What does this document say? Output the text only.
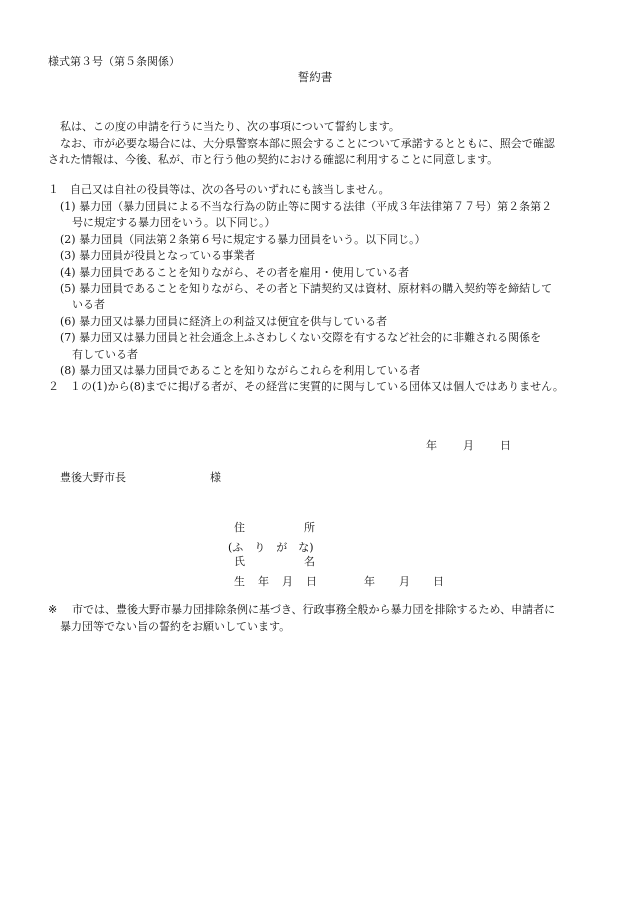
様式第３号（第５条関係）
誓約書
私は、この度の申請を行うに当たり、次の事項について誓約します。
なお、市が必要な場合には、大分県警察本部に照会することについて承諾するとともに、照会で確認
された情報は、今後、私が、市と行う他の契約における確認に利用することに同意します。
１　自己又は自社の役員等は、次の各号のいずれにも該当しません。
(1) 暴力団（暴力団員による不当な行為の防止等に関する法律（平成３年法律第７７号）第２条第２
号に規定する暴力団をいう。以下同じ。）
(2) 暴力団員（同法第２条第６号に規定する暴力団員をいう。以下同じ。）
(3) 暴力団員が役員となっている事業者
(4) 暴力団員であることを知りながら、その者を雇用・使用している者
(5) 暴力団員であることを知りながら、その者と下請契約又は資材、原材料の購入契約等を締結して
いる者
(6) 暴力団又は暴力団員に経済上の利益又は便宜を供与している者
(7) 暴力団又は暴力団員と社会通念上ふさわしくない交際を有するなど社会的に非難される関係を
有している者
(8) 暴力団又は暴力団員であることを知りながらこれらを利用している者
２　１の(1)から(8)までに掲げる者が、その経営に実質的に関与している団体又は個人ではありません。
年 月 日
豊後大野市長	様
住	所
(ふ　り　が　な)
氏	名
生 年 月 日	年 月 日
※ 市では、豊後大野市暴力団排除条例に基づき、行政事務全般から暴力団を排除するため、申請者に
暴力団等でない旨の誓約をお願いしています。
